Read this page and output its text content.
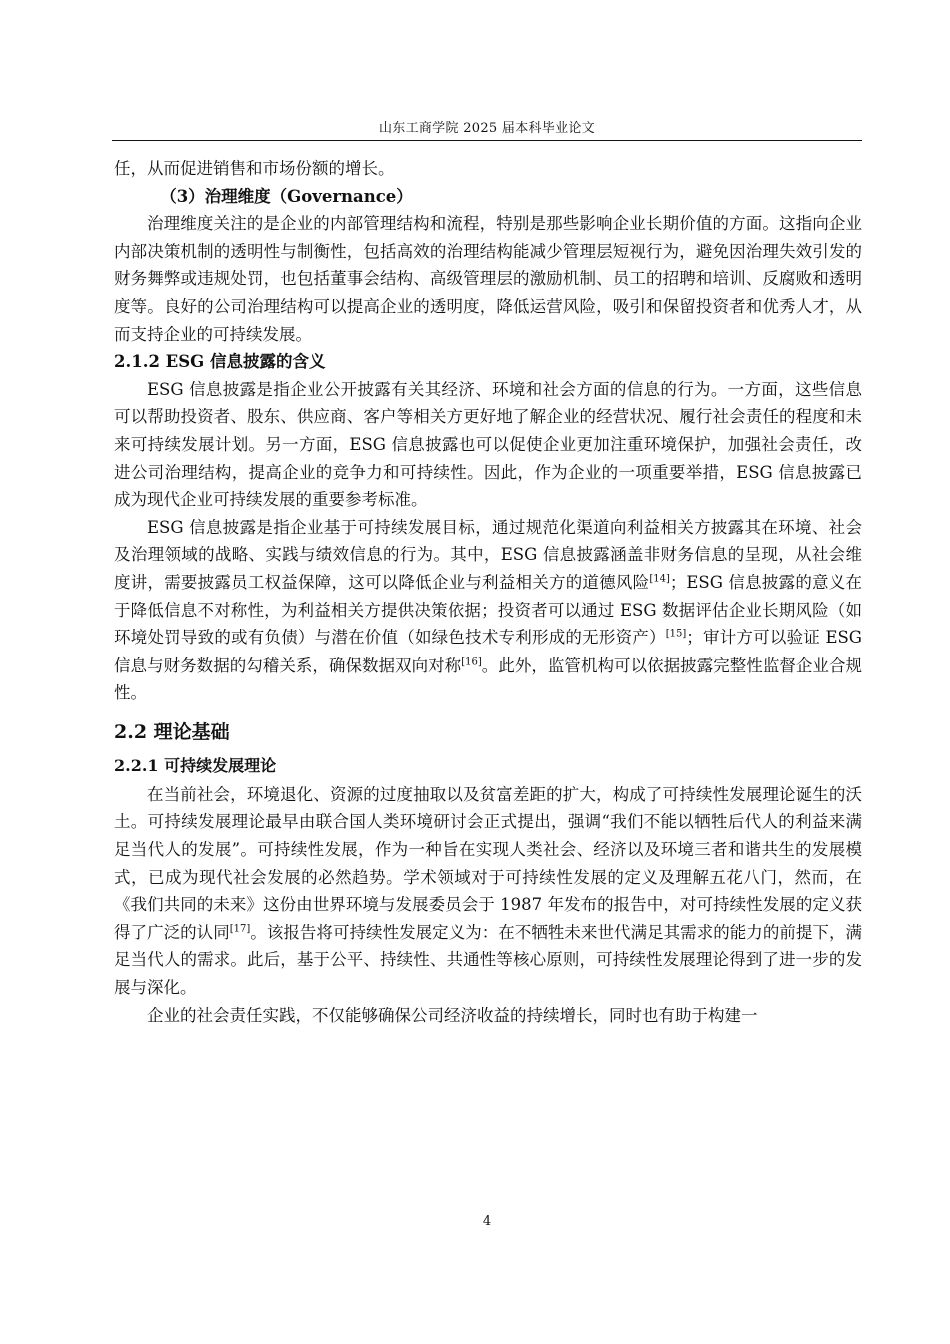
山东工商学院 2025 届本科毕业论文

任，从而促进销售和市场份额的增长。

（3）治理维度（Governance）

治理维度关注的是企业的内部管理结构和流程，特别是那些影响企业长期价值的方面。这指向企业内部决策机制的透明性与制衡性，包括高效的治理结构能减少管理层短视行为，避免因治理失效引发的财务舞弊或违规处罚，也包括董事会结构、高级管理层的激励机制、员工的招聘和培训、反腐败和透明度等。良好的公司治理结构可以提高企业的透明度，降低运营风险，吸引和保留投资者和优秀人才，从而支持企业的可持续发展。

2.1.2 ESG 信息披露的含义

ESG 信息披露是指企业公开披露有关其经济、环境和社会方面的信息的行为。一方面，这些信息可以帮助投资者、股东、供应商、客户等相关方更好地了解企业的经营状况、履行社会责任的程度和未来可持续发展计划。另一方面，ESG 信息披露也可以促使企业更加注重环境保护，加强社会责任，改进公司治理结构，提高企业的竞争力和可持续性。因此，作为企业的一项重要举措，ESG 信息披露已成为现代企业可持续发展的重要参考标准。

ESG 信息披露是指企业基于可持续发展目标，通过规范化渠道向利益相关方披露其在环境、社会及治理领域的战略、实践与绩效信息的行为。其中，ESG 信息披露涵盖非财务信息的呈现，从社会维度讲，需要披露员工权益保障，这可以降低企业与利益相关方的道德风险[14]；ESG 信息披露的意义在于降低信息不对称性，为利益相关方提供决策依据；投资者可以通过 ESG 数据评估企业长期风险（如环境处罚导致的或有负债）与潜在价值（如绿色技术专利形成的无形资产）[15]；审计方可以验证 ESG 信息与财务数据的勾稽关系，确保数据双向对称[16]。此外，监管机构可以依据披露完整性监督企业合规性。

2.2 理论基础

2.2.1 可持续发展理论

在当前社会，环境退化、资源的过度抽取以及贫富差距的扩大，构成了可持续性发展理论诞生的沃土。可持续发展理论最早由联合国人类环境研讨会正式提出，强调“我们不能以牺牲后代人的利益来满足当代人的发展”。可持续性发展，作为一种旨在实现人类社会、经济以及环境三者和谐共生的发展模式，已成为现代社会发展的必然趋势。学术领域对于可持续性发展的定义及理解五花八门，然而，在《我们共同的未来》这份由世界环境与发展委员会于 1987 年发布的报告中，对可持续性发展的定义获得了广泛的认同[17]。该报告将可持续性发展定义为：在不牺牲未来世代满足其需求的能力的前提下，满足当代人的需求。此后，基于公平、持续性、共通性等核心原则，可持续性发展理论得到了进一步的发展与深化。

企业的社会责任实践，不仅能够确保公司经济收益的持续增长，同时也有助于构建一

4
